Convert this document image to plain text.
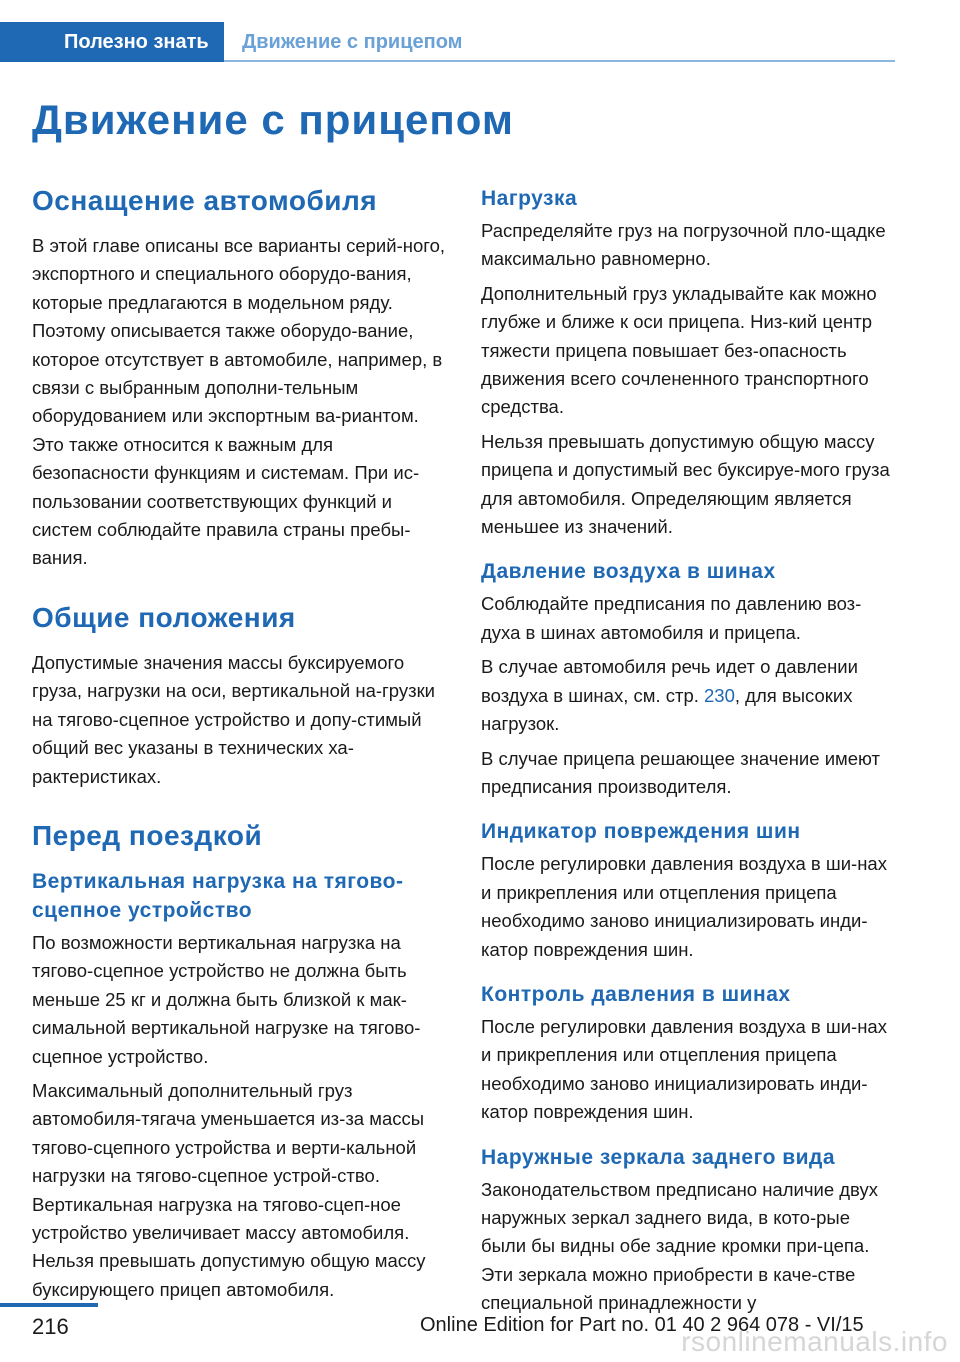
Полезно знать	Движение с прицепом
Движение с прицепом
Оснащение автомобиля

В этой главе описаны все варианты серий-ного, экспортного и специального оборудо-вания, которые предлагаются в модельном ряду. Поэтому описывается также оборудо-вание, которое отсутствует в автомобиле, например, в связи с выбранным дополни-тельным оборудованием или экспортным ва-риантом. Это также относится к важным для безопасности функциям и системам. При ис-пользовании соответствующих функций и систем соблюдайте правила страны пребы-вания.

Общие положения

Допустимые значения массы буксируемого груза, нагрузки на оси, вертикальной на-грузки на тягово-сцепное устройство и допу-стимый общий вес указаны в технических ха-рактеристиках.

Перед поездкой
Вертикальная нагрузка на тягово-сцепное устройство

По возможности вертикальная нагрузка на тягово-сцепное устройство не должна быть меньше 25 кг и должна быть близкой к мак-симальной вертикальной нагрузке на тягово-сцепное устройство.

Максимальный дополнительный груз автомобиля-тягача уменьшается из-за массы тягово-сцепного устройства и верти-кальной нагрузки на тягово-сцепное устрой-ство. Вертикальная нагрузка на тягово-сцеп-ное устройство увеличивает массу автомобиля. Нельзя превышать допустимую общую массу буксирующего прицеп автомобиля.

Нагрузка

Распределяйте груз на погрузочной пло-щадке максимально равномерно.

Дополнительный груз укладывайте как можно глубже и ближе к оси прицепа. Низ-кий центр тяжести прицепа повышает без-опасность движения всего сочлененного транспортного средства.

Нельзя превышать допустимую общую массу прицепа и допустимый вес буксируе-мого груза для автомобиля. Определяющим является меньшее из значений.

Давление воздуха в шинах

Соблюдайте предписания по давлению воз-духа в шинах автомобиля и прицепа.

В случае автомобиля речь идет о давлении воздуха в шинах, см. стр. 230, для высоких нагрузок.

В случае прицепа решающее значение имеют предписания производителя.

Индикатор повреждения шин

После регулировки давления воздуха в ши-нах и прикрепления или отцепления прицепа необходимо заново инициализировать инди-катор повреждения шин.

Контроль давления в шинах

После регулировки давления воздуха в ши-нах и прикрепления или отцепления прицепа необходимо заново инициализировать инди-катор повреждения шин.

Наружные зеркала заднего вида

Законодательством предписано наличие двух наружных зеркал заднего вида, в кото-рые были бы видны обе задние кромки при-цепа. Эти зеркала можно приобрести в каче-стве специальной принадлежности у

216	Online Edition for Part no. 01 40 2 964 078 - VI/15
rsonlinemanuals.info
